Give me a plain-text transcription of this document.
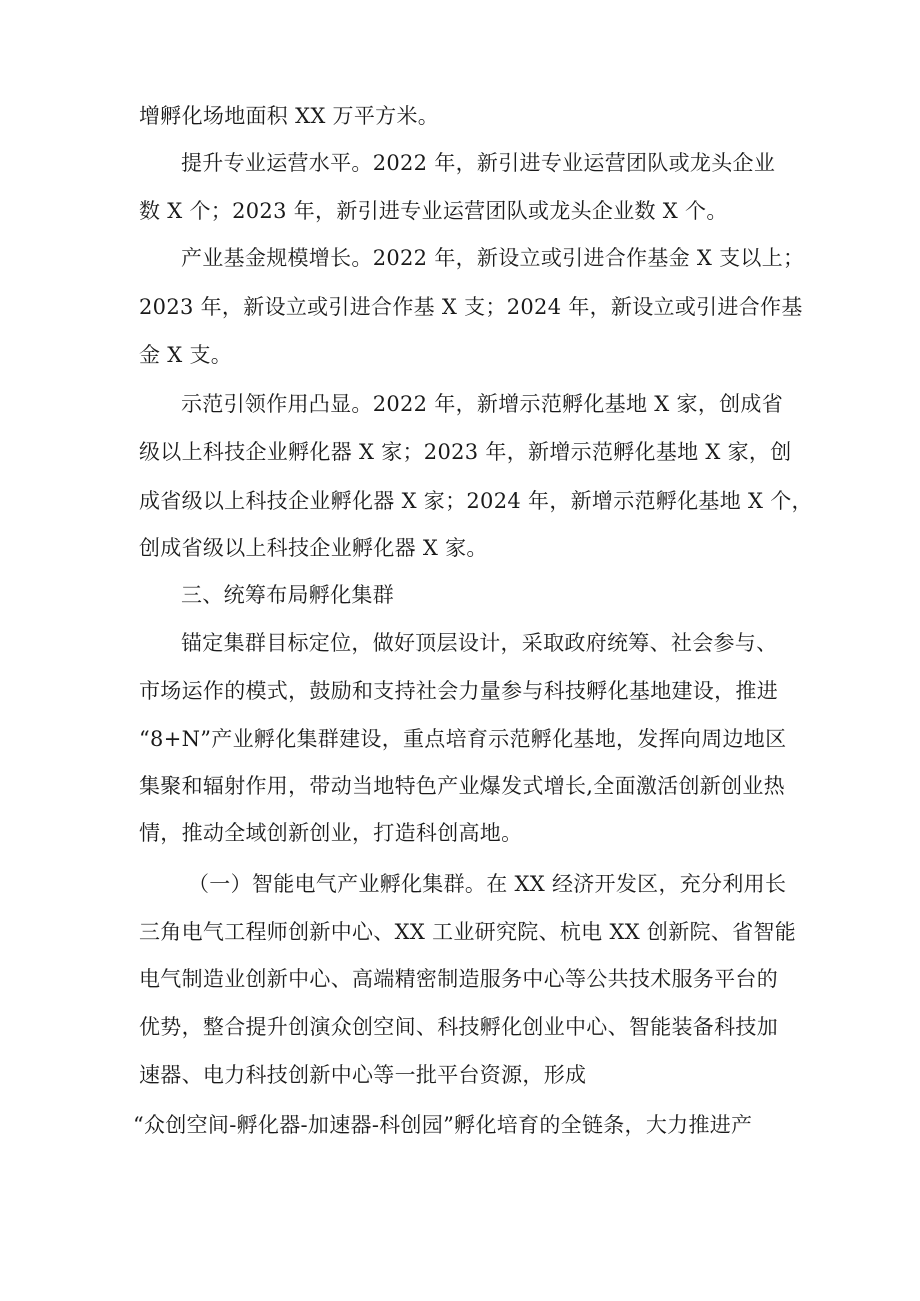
增孵化场地面积 XX 万平方米。

提升专业运营水平。2022 年，新引进专业运营团队或龙头企业

数 X 个；2023 年，新引进专业运营团队或龙头企业数 X 个。

产业基金规模增长。2022 年，新设立或引进合作基金 X 支以上；

2023 年，新设立或引进合作基 X 支；2024 年，新设立或引进合作基

金 X 支。

示范引领作用凸显。2022 年，新增示范孵化基地 X 家，创成省

级以上科技企业孵化器 X 家；2023 年，新增示范孵化基地 X 家，创

成省级以上科技企业孵化器 X 家；2024 年，新增示范孵化基地 X 个，

创成省级以上科技企业孵化器 X 家。

三、统筹布局孵化集群

锚定集群目标定位，做好顶层设计，采取政府统筹、社会参与、

市场运作的模式，鼓励和支持社会力量参与科技孵化基地建设，推进

“8+N”产业孵化集群建设，重点培育示范孵化基地，发挥向周边地区

集聚和辐射作用，带动当地特色产业爆发式增长,全面激活创新创业热

情，推动全域创新创业，打造科创高地。

（一）智能电气产业孵化集群。在 XX 经济开发区，充分利用长

三角电气工程师创新中心、XX 工业研究院、杭电 XX 创新院、省智能

电气制造业创新中心、高端精密制造服务中心等公共技术服务平台的

优势，整合提升创演众创空间、科技孵化创业中心、智能装备科技加

速器、电力科技创新中心等一批平台资源，形成

“众创空间-孵化器-加速器-科创园”孵化培育的全链条，大力推进产
